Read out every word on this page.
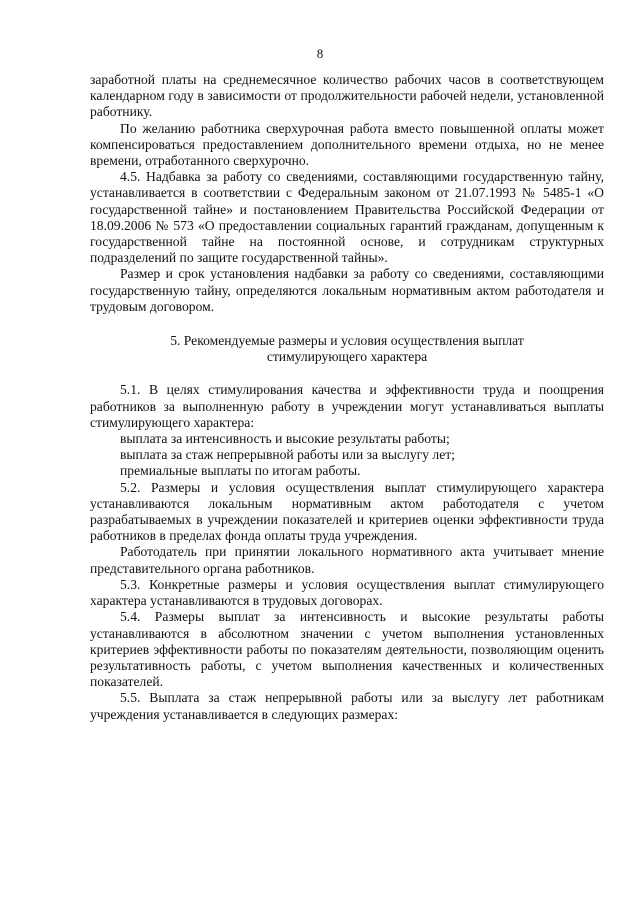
8

заработной платы на среднемесячное количество рабочих часов в соответствующем календарном году в зависимости от продолжительности рабочей недели, установленной работнику.

По желанию работника сверхурочная работа вместо повышенной оплаты может компенсироваться предоставлением дополнительного времени отдыха, но не менее времени, отработанного сверхурочно.

4.5. Надбавка за работу со сведениями, составляющими государственную тайну, устанавливается в соответствии с Федеральным законом от 21.07.1993 № 5485-1 «О государственной тайне» и постановлением Правительства Российской Федерации от 18.09.2006 № 573 «О предоставлении социальных гарантий гражданам, допущенным к государственной тайне на постоянной основе, и сотрудникам структурных подразделений по защите государственной тайны».

Размер и срок установления надбавки за работу со сведениями, составляющими государственную тайну, определяются локальным нормативным актом работодателя и трудовым договором.

5. Рекомендуемые размеры и условия осуществления выплат
стимулирующего характера

5.1. В целях стимулирования качества и эффективности труда и поощрения работников за выполненную работу в учреждении могут устанавливаться выплаты стимулирующего характера:

выплата за интенсивность и высокие результаты работы;

выплата за стаж непрерывной работы или за выслугу лет;

премиальные выплаты по итогам работы.

5.2. Размеры и условия осуществления выплат стимулирующего характера устанавливаются локальным нормативным актом работодателя с учетом разрабатываемых в учреждении показателей и критериев оценки эффективности труда работников в пределах фонда оплаты труда учреждения.

Работодатель при принятии локального нормативного акта учитывает мнение представительного органа работников.

5.3. Конкретные размеры и условия осуществления выплат стимулирующего характера устанавливаются в трудовых договорах.

5.4. Размеры выплат за интенсивность и высокие результаты работы устанавливаются в абсолютном значении с учетом выполнения установленных критериев эффективности работы по показателям деятельности, позволяющим оценить результативность работы, с учетом выполнения качественных и количественных показателей.

5.5. Выплата за стаж непрерывной работы или за выслугу лет работникам учреждения устанавливается в следующих размерах:
